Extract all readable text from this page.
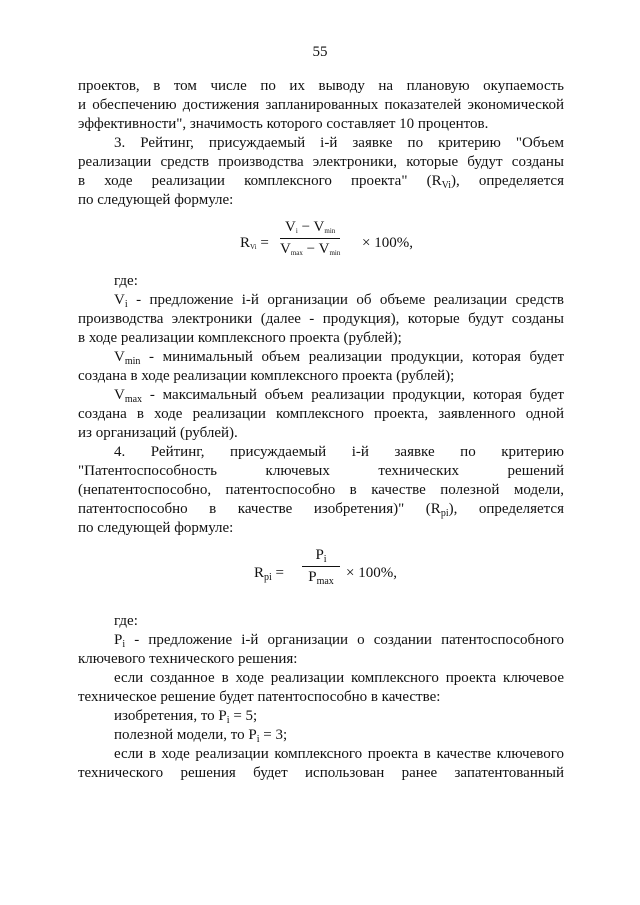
55

проектов, в том числе по их выводу на плановую окупаемость

и обеспечению достижения запланированных показателей экономической

эффективности", значимость которого составляет 10 процентов.

3. Рейтинг, присуждаемый i-й заявке по критерию "Объем

реализации средств производства электроники, которые будут созданы

в ходе реализации комплексного проекта" $(R_{Vi})$, определяется

по следующей формуле:

RVi =
Vi − Vmin
Vmax − Vmin
× 100%,

где:

$V_i$ - предложение i-й организации об объеме реализации средств

производства электроники (далее - продукция), которые будут созданы

в ходе реализации комплексного проекта (рублей);

$V_{min}$ - минимальный объем реализации продукции, которая будет

создана в ходе реализации комплексного проекта (рублей);

$V_{max}$ - максимальный объем реализации продукции, которая будет

создана в ходе реализации комплексного проекта, заявленного одной

из организаций (рублей).

4. Рейтинг, присуждаемый i-й заявке по критерию

"Патентоспособность ключевых технических решений

(непатентоспособно, патентоспособно в качестве полезной модели,

патентоспособно в качестве изобретения)" $(R_{pi})$, определяется

по следующей формуле:

$R_{pi}$ =
$P_i$
$P_{max}$
× 100%,

где:

$P_i$ - предложение i-й организации о создании патентоспособного

ключевого технического решения:

если созданное в ходе реализации комплексного проекта ключевое

техническое решение будет патентоспособно в качестве:

изобретения, то $P_i = 5$;

полезной модели, то $P_i = 3$;

если в ходе реализации комплексного проекта в качестве ключевого

технического решения будет использован ранее запатентованный
